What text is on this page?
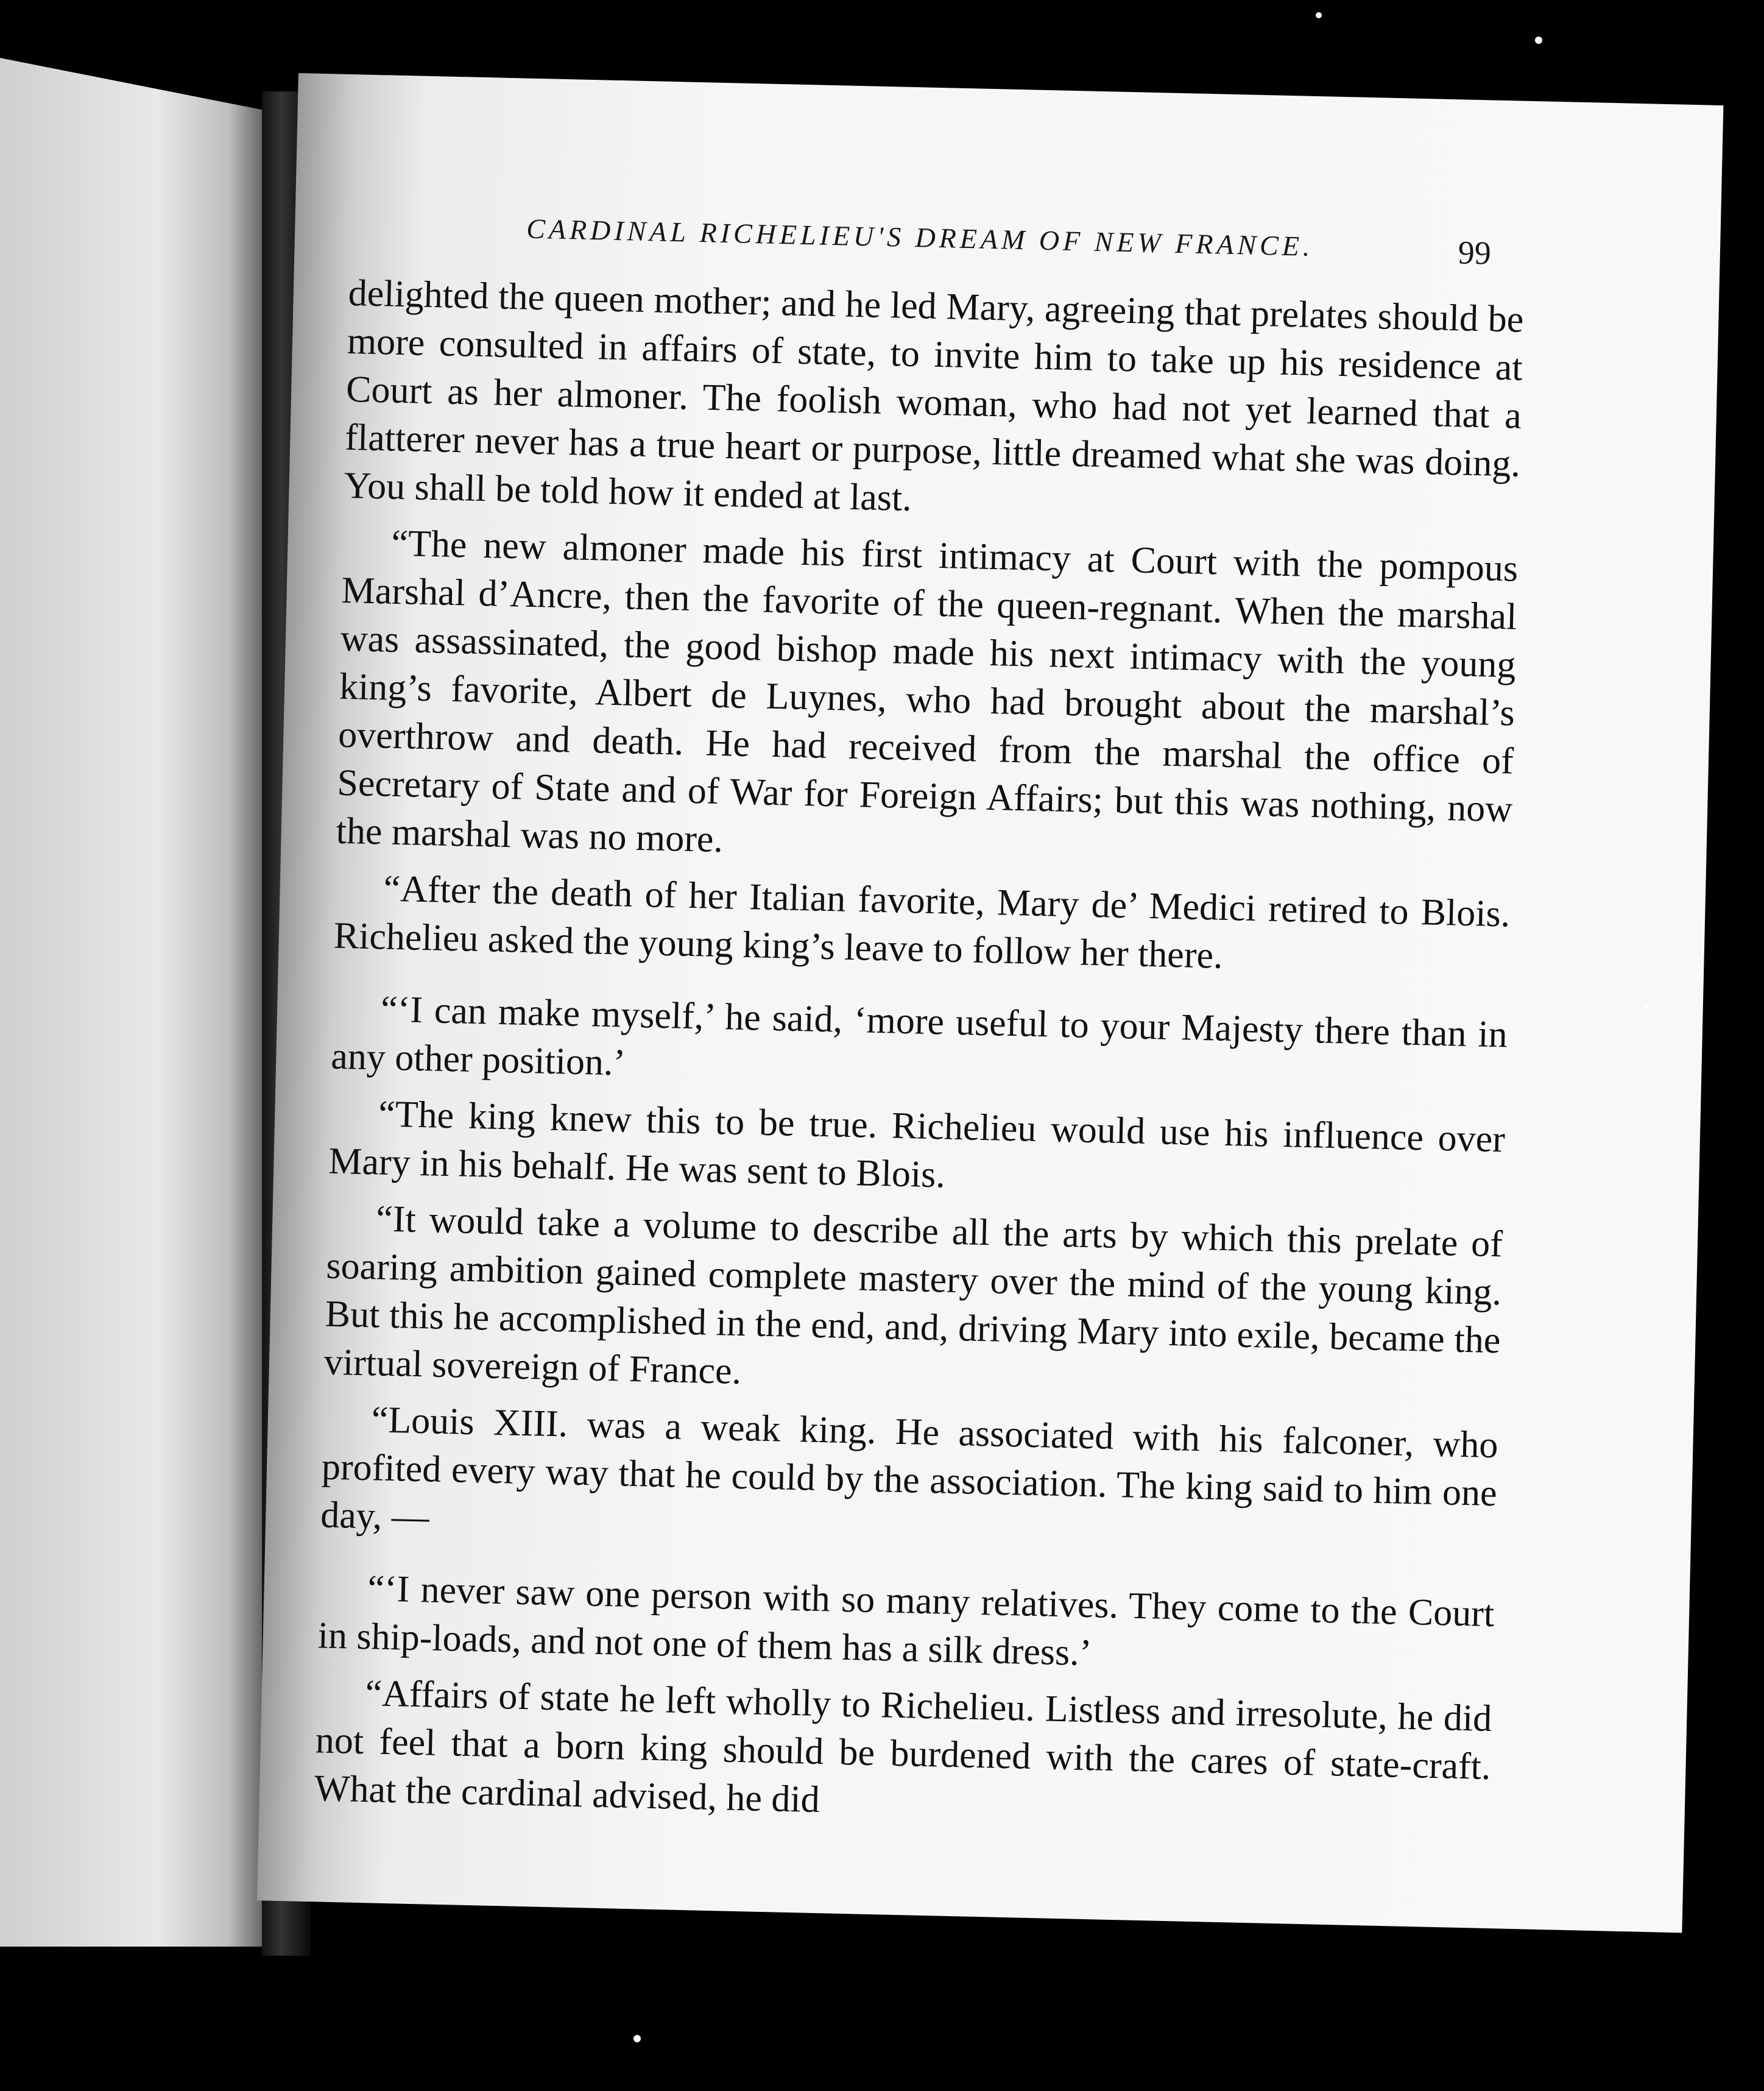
CARDINAL RICHELIEU'S DREAM OF NEW FRANCE.	99

delighted the queen mother; and he led Mary, agreeing that prelates should be more consulted in affairs of state, to invite him to take up his residence at Court as her almoner. The foolish woman, who had not yet learned that a flatterer never has a true heart or purpose, little dreamed what she was doing. You shall be told how it ended at last.

“The new almoner made his first intimacy at Court with the pompous Marshal d’Ancre, then the favorite of the queen-regnant. When the marshal was assassinated, the good bishop made his next intimacy with the young king’s favorite, Albert de Luynes, who had brought about the marshal’s overthrow and death. He had received from the marshal the office of Secretary of State and of War for Foreign Affairs; but this was nothing, now the marshal was no more.

“After the death of her Italian favorite, Mary de’ Medici retired to Blois. Richelieu asked the young king’s leave to follow her there.

“‘I can make myself,’ he said, ‘more useful to your Majesty there than in any other position.’

“The king knew this to be true. Richelieu would use his influence over Mary in his behalf. He was sent to Blois.

“It would take a volume to describe all the arts by which this prelate of soaring ambition gained complete mastery over the mind of the young king. But this he accomplished in the end, and, driving Mary into exile, became the virtual sovereign of France.

“Louis XIII. was a weak king. He associated with his falconer, who profited every way that he could by the association. The king said to him one day, —

“‘I never saw one person with so many relatives. They come to the Court in ship-loads, and not one of them has a silk dress.’

“Affairs of state he left wholly to Richelieu. Listless and irresolute, he did not feel that a born king should be burdened with the cares of state-craft. What the cardinal advised, he did
